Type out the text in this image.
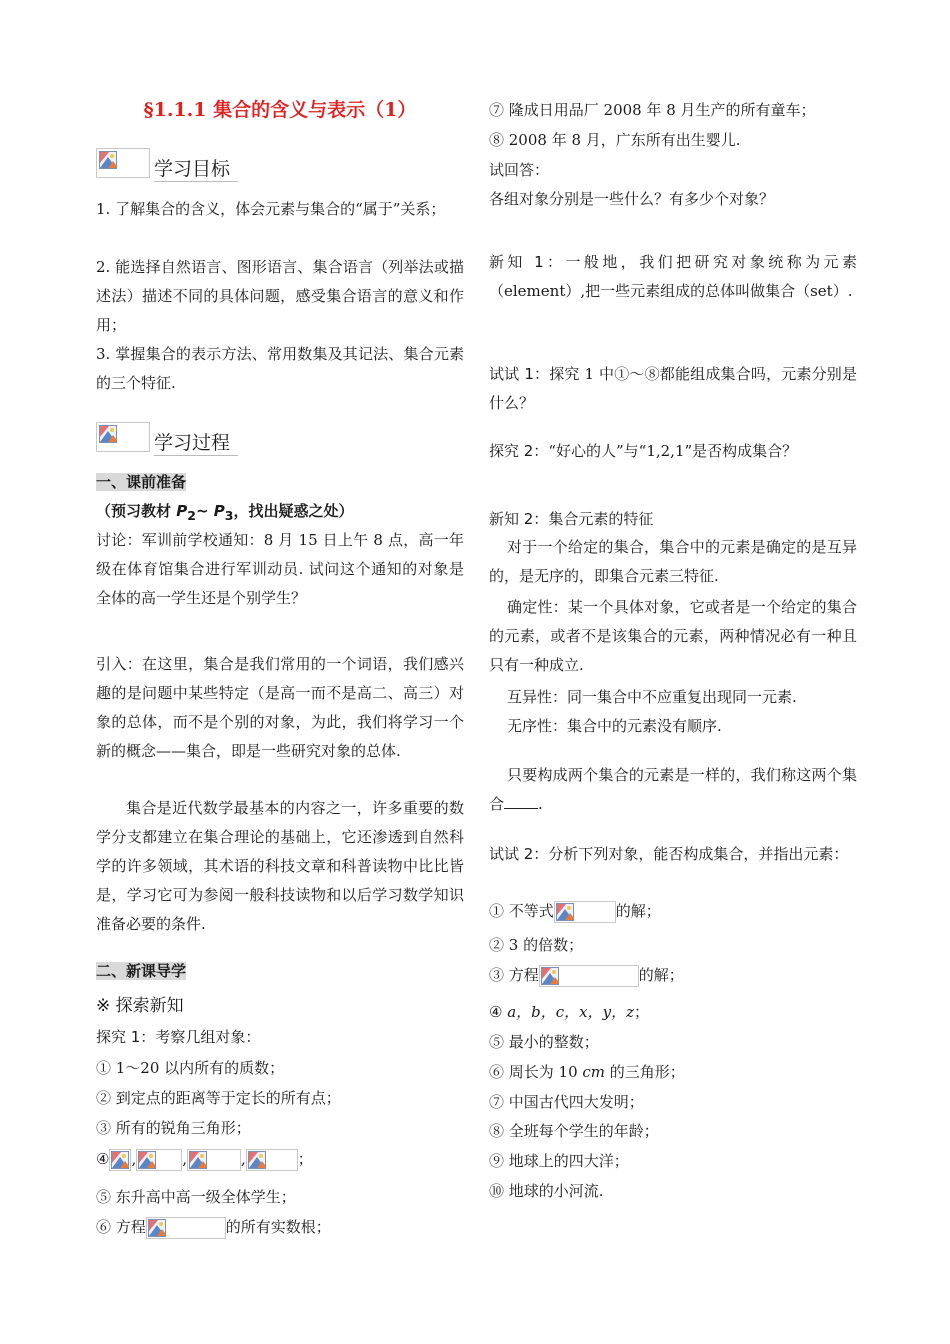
§1.1.1 集合的含义与表示（1）
学习目标
1. 了解集合的含义，体会元素与集合的“属于”关系；
2. 能选择自然语言、图形语言、集合语言（列举法或描述法）描述不同的具体问题，感受集合语言的意义和作用；
3. 掌握集合的表示方法、常用数集及其记法、集合元素的三个特征.
学习过程
一、课前准备
（预习教材 $P_2\sim$ $P_3$，找出疑惑之处）
讨论：军训前学校通知：8 月 15 日上午 8 点，高一年级在体育馆集合进行军训动员. 试问这个通知的对象是全体的高一学生还是个别学生？
引入：在这里，集合是我们常用的一个词语，我们感兴趣的是问题中某些特定（是高一而不是高二、高三）对象的总体，而不是个别的对象，为此，我们将学习一个新的概念——集合，即是一些研究对象的总体.
集合是近代数学最基本的内容之一，许多重要的数学分支都建立在集合理论的基础上，它还渗透到自然科学的许多领域，其术语的科技文章和科普读物中比比皆是，学习它可为参阅一般科技读物和以后学习数学知识准备必要的条件.
二、新课导学
※ 探索新知
探究 1：考察几组对象：
① 1～20 以内所有的质数；
② 到定点的距离等于定长的所有点；
③ 所有的锐角三角形；
④ ,	,	,	；
⑤ 东升高中高一级全体学生；
⑥ 方程	的所有实数根；
⑦ 隆成日用品厂 2008 年 8 月生产的所有童车；
⑧ 2008 年 8 月，广东所有出生婴儿.
试回答：
各组对象分别是一些什么？有多少个对象？
新知 1：一般地，我们把研究对象统称为元素（element）,把一些元素组成的总体叫做集合（set）.
试试 1：探究 1 中①～⑧都能组成集合吗，元素分别是什么？
探究 2：“好心的人”与“1,2,1”是否构成集合？
新知 2：集合元素的特征
对于一个给定的集合，集合中的元素是确定的是互异的，是无序的，即集合元素三特征.
确定性：某一个具体对象，它或者是一个给定的集合的元素，或者不是该集合的元素，两种情况必有一种且只有一种成立.
互异性：同一集合中不应重复出现同一元素.
无序性：集合中的元素没有顺序.
只要构成两个集合的元素是一样的，我们称这两个集合 .
试试 2：分析下列对象，能否构成集合，并指出元素：
① 不等式	的解；
② 3 的倍数；
③ 方程	的解；
④ a，b，c，x，y，z；
⑤ 最小的整数；
⑥ 周长为 10 cm 的三角形；
⑦ 中国古代四大发明；
⑧ 全班每个学生的年龄；
⑨ 地球上的四大洋；
⑩ 地球的小河流.
